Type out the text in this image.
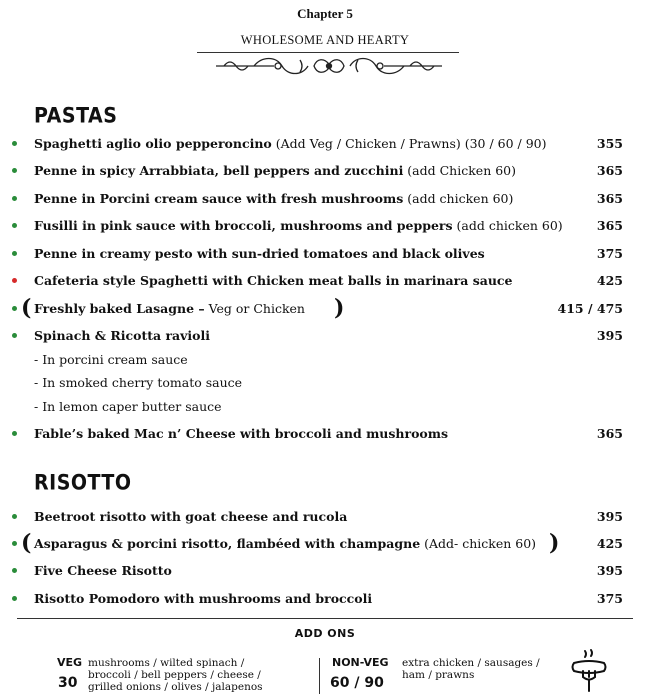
Chapter 5
WHOLESOME AND HEARTY
PASTAS
Spaghetti aglio olio pepperoncino (Add Veg / Chicken / Prawns) (30 / 60 / 90)	355
Penne in spicy Arrabbiata, bell peppers and zucchini (add Chicken 60)	365
Penne in Porcini cream sauce with fresh mushrooms (add chicken 60)	365
Fusilli in pink sauce with broccoli, mushrooms and peppers (add chicken 60)	365
Penne in creamy pesto with sun-dried tomatoes and black olives	375
Cafeteria style Spaghetti with Chicken meat balls in marinara sauce	425
( Freshly baked Lasagne – Veg or Chicken )	415 / 475
Spinach & Ricotta ravioli	395
- In porcini cream sauce
- In smoked cherry tomato sauce
- In lemon caper butter sauce
Fable’s baked Mac n’ Cheese with broccoli and mushrooms	365
RISOTTO
Beetroot risotto with goat cheese and rucola	395
( Asparagus & porcini risotto, flambéed with champagne (Add- chicken 60) )	425
Five Cheese Risotto	395
Risotto Pomodoro with mushrooms and broccoli	375
ADD ONS
VEG
30
mushrooms / wilted spinach /
broccoli / bell peppers / cheese /
grilled onions / olives / jalapenos
NON-VEG
60 / 90
extra chicken / sausages /
ham / prawns
